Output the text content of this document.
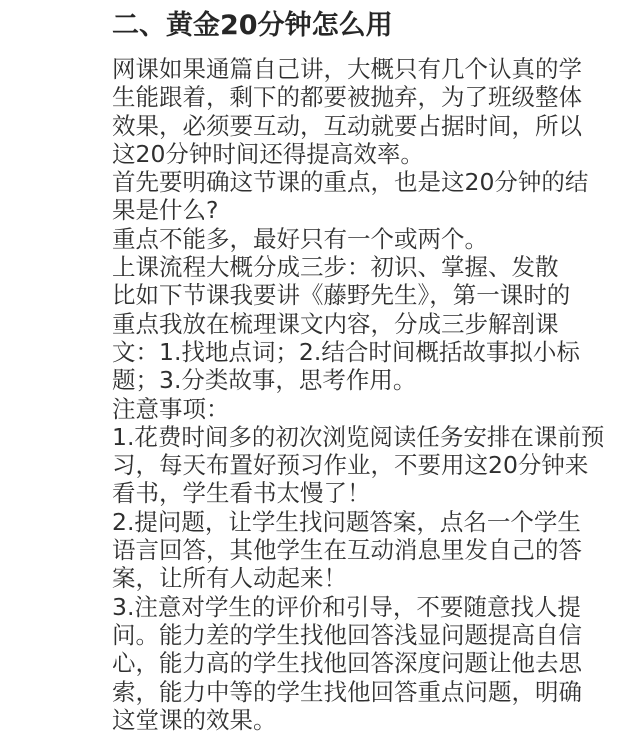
二、黄金20分钟怎么用
网课如果通篇自己讲，大概只有几个认真的学
生能跟着，剩下的都要被抛弃，为了班级整体
效果，必须要互动，互动就要占据时间，所以
这20分钟时间还得提高效率。
首先要明确这节课的重点，也是这20分钟的结
果是什么?
重点不能多，最好只有一个或两个。
上课流程大概分成三步：初识、掌握、发散
比如下节课我要讲《藤野先生》，第一课时的
重点我放在梳理课文内容，分成三步解剖课
文：1.找地点词；2.结合时间概括故事拟小标
题；3.分类故事，思考作用。
注意事项：
1.花费时间多的初次浏览阅读任务安排在课前预
习，每天布置好预习作业，不要用这20分钟来
看书，学生看书太慢了！
2.提问题，让学生找问题答案，点名一个学生
语言回答，其他学生在互动消息里发自己的答
案，让所有人动起来！
3.注意对学生的评价和引导，不要随意找人提
问。能力差的学生找他回答浅显问题提高自信
心，能力高的学生找他回答深度问题让他去思
索，能力中等的学生找他回答重点问题，明确
这堂课的效果。
